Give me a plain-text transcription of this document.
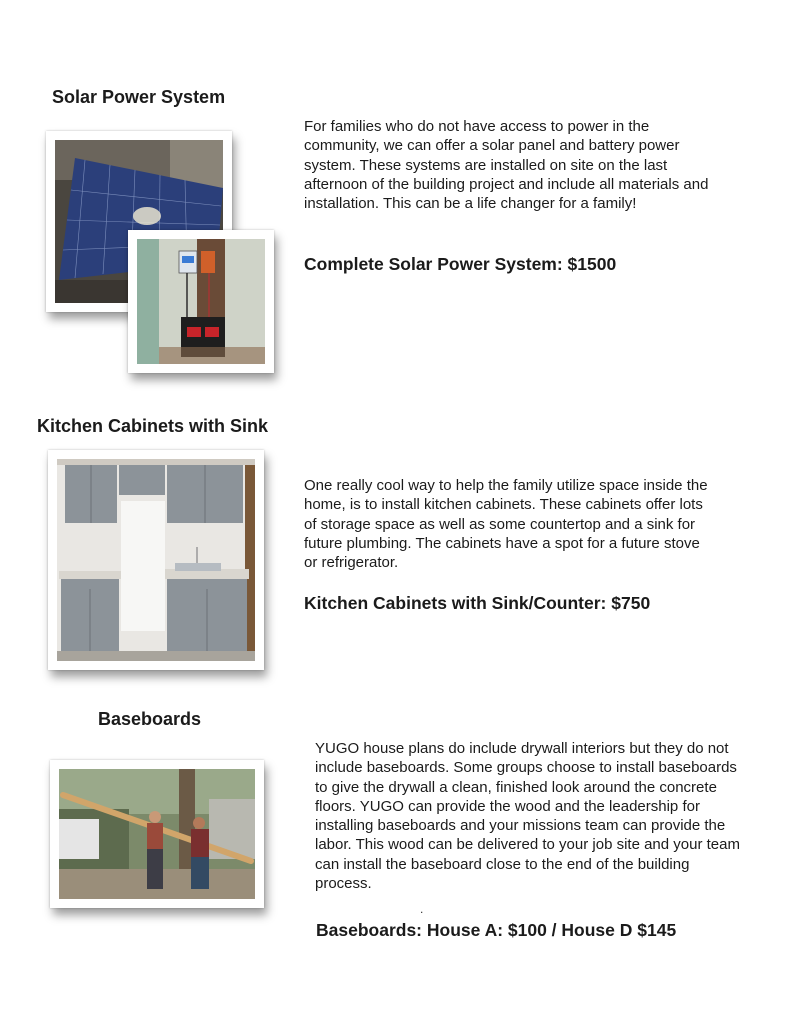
Solar Power System
For families who do not have access to power in the community, we can offer a solar panel and battery power system. These systems are installed on site on the last afternoon of the building project and include all materials and installation. This can be a life changer for a family!
Complete Solar Power System: $1500
Kitchen Cabinets with Sink
One really cool way to help the family utilize space inside the home, is to install kitchen cabinets. These cabinets offer lots of storage space as well as some countertop and a sink for future plumbing. The cabinets have a spot for a future stove or refrigerator.
Kitchen Cabinets with Sink/Counter: $750
Baseboards
YUGO house plans do include drywall interiors but they do not include baseboards. Some groups choose to install baseboards to give the drywall a clean, finished look around the concrete floors. YUGO can provide the wood and the leadership for installing baseboards and your missions team can provide the labor. This wood can be delivered to your job site and your team can install the baseboard close to the end of the building process.
.
Baseboards: House A: $100 / House D $145
